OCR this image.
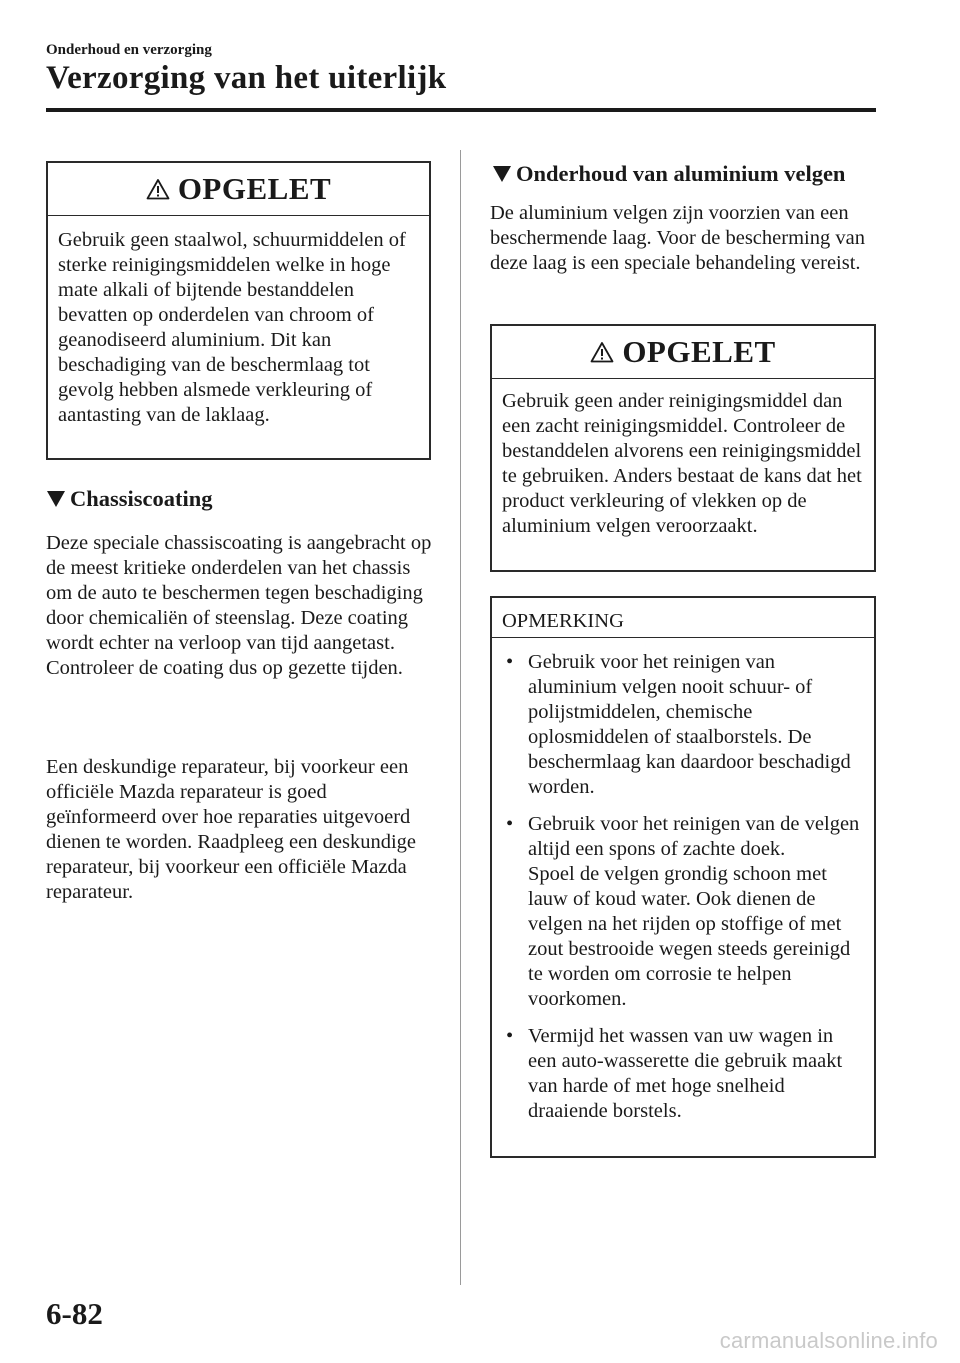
Onderhoud en verzorging
Verzorging van het uiterlijk
OPGELET
Gebruik geen staalwol, schuurmiddelen of sterke reinigingsmiddelen welke in hoge mate alkali of bijtende bestanddelen bevatten op onderdelen van chroom of geanodiseerd aluminium. Dit kan beschadiging van de beschermlaag tot gevolg hebben alsmede verkleuring of aantasting van de laklaag.
Chassiscoating

Deze speciale chassiscoating is aangebracht op de meest kritieke onderdelen van het chassis om de auto te beschermen tegen beschadiging door chemicaliën of steenslag. Deze coating wordt echter na verloop van tijd aangetast. Controleer de coating dus op gezette tijden.

Een deskundige reparateur, bij voorkeur een officiële Mazda reparateur is goed geïnformeerd over hoe reparaties uitgevoerd dienen te worden. Raadpleeg een deskundige reparateur, bij voorkeur een officiële Mazda reparateur.

Onderhoud van aluminium velgen

De aluminium velgen zijn voorzien van een beschermende laag. Voor de bescherming van deze laag is een speciale behandeling vereist.

OPGELET
Gebruik geen ander reinigingsmiddel dan een zacht reinigingsmiddel. Controleer de bestanddelen alvorens een reinigingsmiddel te gebruiken. Anders bestaat de kans dat het product verkleuring of vlekken op de aluminium velgen veroorzaakt.
OPMERKING
• Gebruik voor het reinigen van aluminium velgen nooit schuur- of polijstmiddelen, chemische oplosmiddelen of staalborstels. De beschermlaag kan daardoor beschadigd worden.
• Gebruik voor het reinigen van de velgen altijd een spons of zachte doek.
Spoel de velgen grondig schoon met lauw of koud water. Ook dienen de velgen na het rijden op stoffige of met zout bestrooide wegen steeds gereinigd te worden om corrosie te helpen voorkomen.
• Vermijd het wassen van uw wagen in een auto-wasserette die gebruik maakt van harde of met hoge snelheid draaiende borstels.
6-82
carmanualsonline.info
